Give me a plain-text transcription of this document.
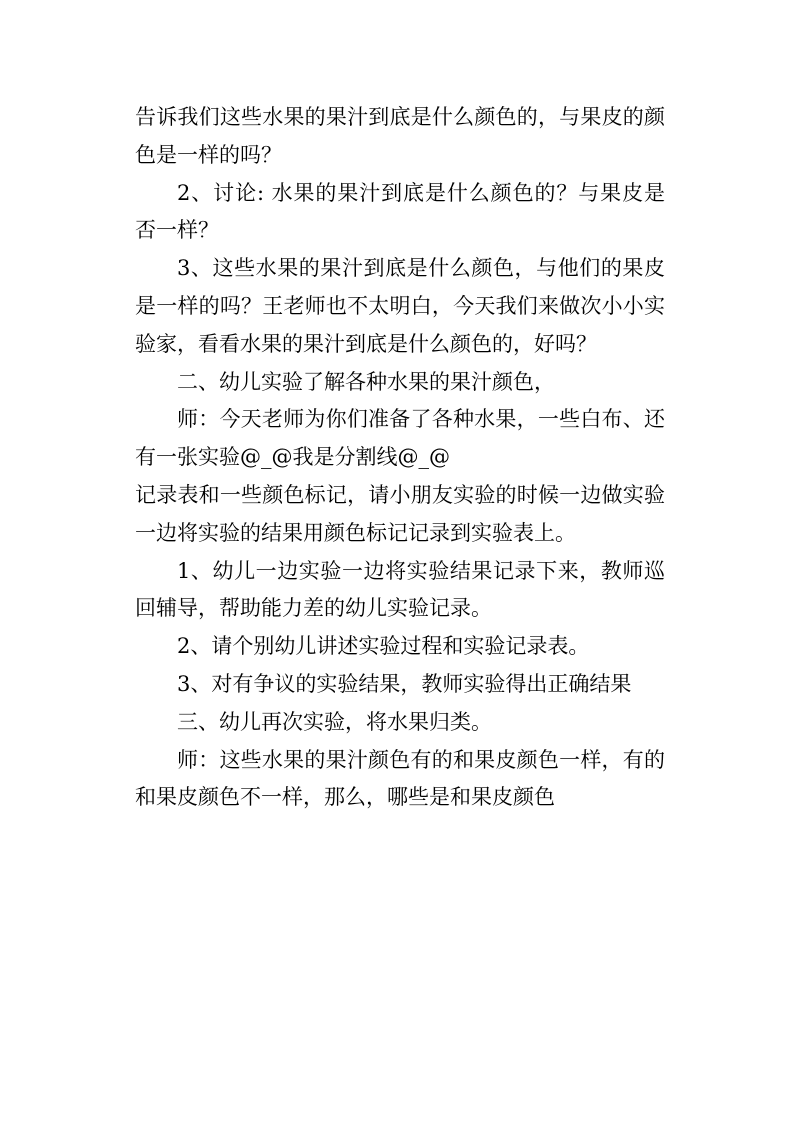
告诉我们这些水果的果汁到底是什么颜色的，与果皮的颜色是一样的吗？

2、讨论: 水果的果汁到底是什么颜色的？与果皮是否一样？

3、这些水果的果汁到底是什么颜色，与他们的果皮是一样的吗？王老师也不太明白，今天我们来做次小小实验家，看看水果的果汁到底是什么颜色的，好吗？

二、幼儿实验了解各种水果的果汁颜色，

师：今天老师为你们准备了各种水果，一些白布、还有一张实验@_@我是分割线@_@

记录表和一些颜色标记，请小朋友实验的时候一边做实验一边将实验的结果用颜色标记记录到实验表上。

1、幼儿一边实验一边将实验结果记录下来，教师巡回辅导，帮助能力差的幼儿实验记录。

2、请个别幼儿讲述实验过程和实验记录表。

3、对有争议的实验结果，教师实验得出正确结果

三、幼儿再次实验，将水果归类。

师：这些水果的果汁颜色有的和果皮颜色一样，有的和果皮颜色不一样，那么，哪些是和果皮颜色
